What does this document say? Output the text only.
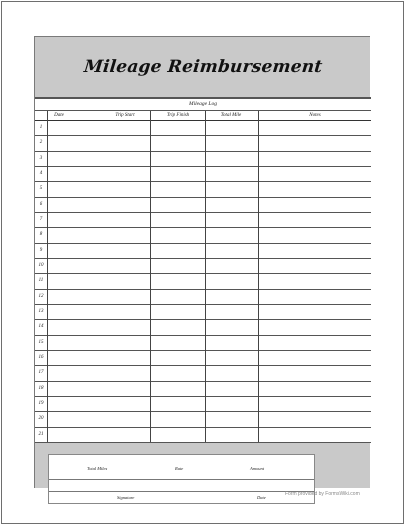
Mileage Reimbursement
Mileage Log
Date	Trip Start	Trip Finish	Total Mile	Notes
1
2
3
4
5
6
7
8
9
10
11
12
13
14
15
16
17
18
19
20
21
Total Miles	Rate	Amount
Signature	Date
Form provided by FormsWiki.com
